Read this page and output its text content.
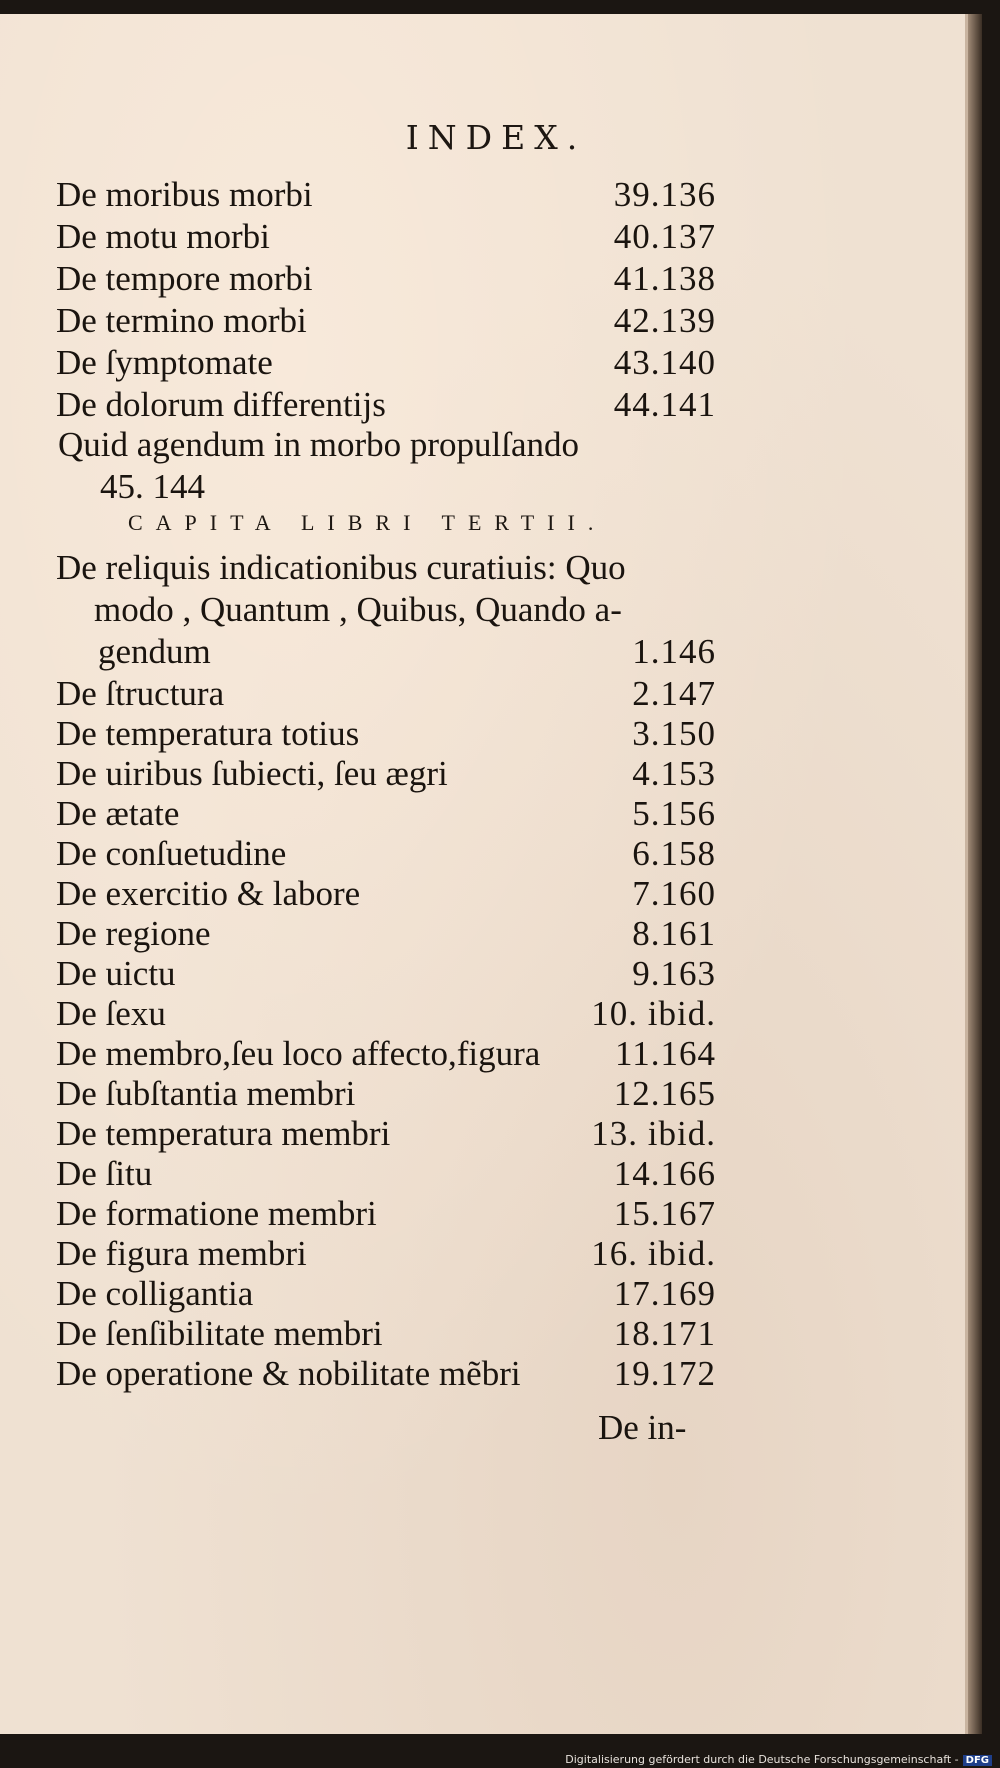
INDEX.
De moribus morbi	39.136
De motu morbi	40.137
De tempore morbi	41.138
De termino morbi	42.139
De ſymptomate	43.140
De dolorum differentijs	44.141
Quid agendum in morbo propulſando
45. 144
CAPITA LIBRI TERTII.
De reliquis indicationibus curatiuis: Quo
modo , Quantum , Quibus, Quando a-
gendum	1.146
De ſtructura	2.147
De temperatura totius	3.150
De uiribus ſubiecti, ſeu ægri	4.153
De ætate	5.156
De conſuetudine	6.158
De exercitio & labore	7.160
De regione	8.161
De uictu	9.163
De ſexu	10. ibid.
De membro,ſeu loco affecto,figura 11.164
De ſubſtantia membri	12.165
De temperatura membri	13. ibid.
De ſitu	14.166
De formatione membri	15.167
De figura membri	16. ibid.
De colligantia	17.169
De ſenſibilitate membri	18.171
De operatione & nobilitate mẽbri	19.172
De in-
Digitalisierung gefördert durch die Deutsche Forschungsgemeinschaft - DFG
